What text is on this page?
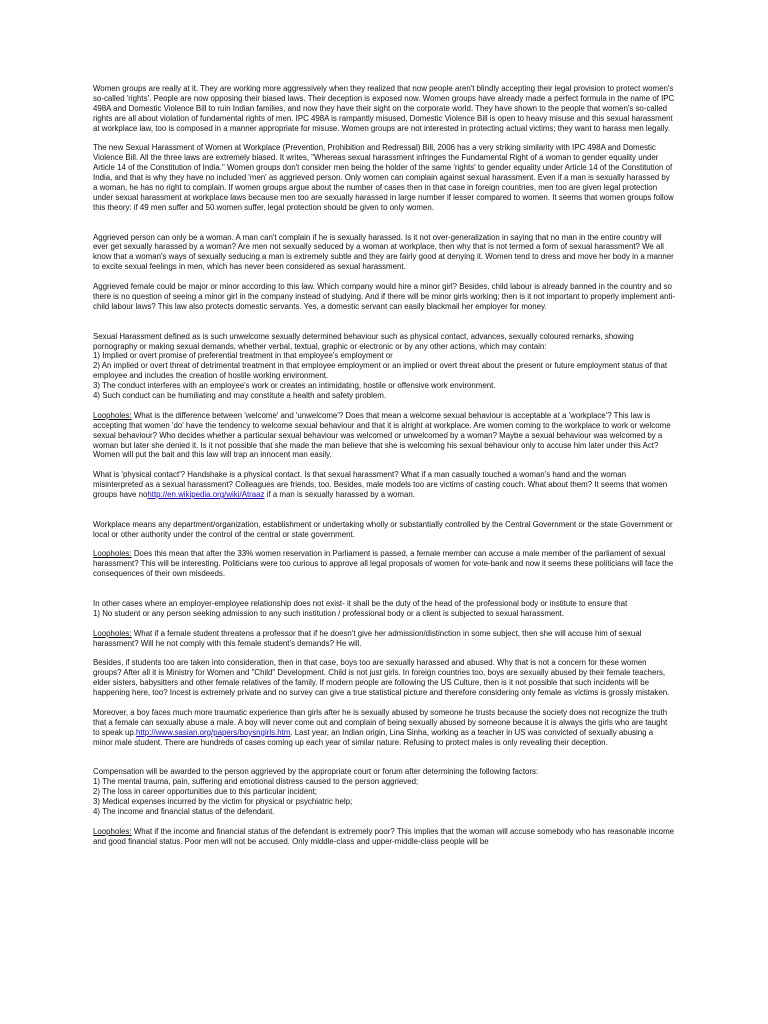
Women groups are really at it. They are working more aggressively when they realized that now people aren't blindly accepting their legal provision to protect women's so-called 'rights'. People are now opposing their biased laws. Their deception is exposed now. Women groups have already made a perfect formula in the name of IPC 498A and Domestic Violence Bill to ruin Indian families, and now they have their sight on the corporate world. They have shown to the people that women's so-called rights are all about violation of fundamental rights of men. IPC 498A is rampantly misused, Domestic Violence Bill is open to heavy misuse and this sexual harassment at workplace law, too is composed in a manner appropriate for misuse. Women groups are not interested in protecting actual victims; they want to harass men legally.

The new Sexual Harassment of Women at Workplace (Prevention, Prohibition and Redressal) Bill, 2006 has a very striking similarity with IPC 498A and Domestic Violence Bill. All the three laws are extremely biased. It writes, "Whereas sexual harassment infringes the Fundamental Right of a woman to gender equality under Article 14 of the Constitution of India." Women groups don't consider men being the holder of the same 'rights' to gender equality under Article 14 of the Constitution of India, and that is why they have no included 'men' as aggrieved person. Only women can complain against sexual harassment. Even if a man is sexually harassed by a woman, he has no right to complain. If women groups argue about the number of cases then in that case in foreign countries, men too are given legal protection under sexual harassment at workplace laws because men too are sexually harassed in large number if lesser compared to women. It seems that women groups follow this theory: if 49 men suffer and 50 women suffer, legal protection should be given to only women.

Aggrieved person can only be a woman. A man can't complain if he is sexually harassed. Is it not over-generalization in saying that no man in the entire country will ever get sexually harassed by a woman? Are men not sexually seduced by a woman at workplace, then why that is not termed a form of sexual harassment? We all know that a woman's ways of sexually seducing a man is extremely subtle and they are fairly good at denying it. Women tend to dress and move her body in a manner to excite sexual feelings in men, which has never been considered as sexual harassment.

Aggrieved female could be major or minor according to this law. Which company would hire a minor girl? Besides, child labour is already banned in the country and so there is no question of seeing a minor girl in the company instead of studying. And if there will be minor girls working; then is it not important to properly implement anti-child labour laws? This law also protects domestic servants. Yes, a domestic servant can easily blackmail her employer for money.

Sexual Harassment defined as is such unwelcome sexually determined behaviour such as physical contact, advances, sexually coloured remarks, showing pornography or making sexual demands, whether verbal, textual, graphic or electronic or by any other actions, which may contain:

1) Implied or overt promise of preferential treatment in that employee's employment or

2) An implied or overt threat of detrimental treatment in that employee employment or an implied or overt threat about the present or future employment status of that employee and includes the creation of hostile working environment.

3) The conduct interferes with an employee's work or creates an intimidating, hostile or offensive work environment.

4) Such conduct can be humiliating and may constitute a health and safety problem.

Loopholes: What is the difference between 'welcome' and 'unwelcome'? Does that mean a welcome sexual behaviour is acceptable at a 'workplace'? This law is accepting that women 'do' have the tendency to welcome sexual behaviour and that it is alright at workplace. Are women coming to the workplace to work or welcome sexual behaviour? Who decides whether a particular sexual behaviour was welcomed or unwelcomed by a woman? Maybe a sexual behaviour was welcomed by a woman but later she denied it. Is it not possible that she made the man believe that she is welcoming his sexual behaviour only to accuse him later under this Act? Women will put the bait and this law will trap an innocent man easily.

What is 'physical contact'? Handshake is a physical contact. Is that sexual harassment? What if a man casually touched a woman's hand and the woman misinterpreted as a sexual harassment? Colleagues are friends, too. Besides, male models too are victims of casting couch. What about them? It seems that women groups have nohttp://en.wikipedia.org/wiki/Atraaz if a man is sexually harassed by a woman.

Workplace means any department/organization, establishment or undertaking wholly or substantially controlled by the Central Government or the state Government or local or other authority under the control of the central or state government.

Loopholes: Does this mean that after the 33% women reservation in Parliament is passed, a female member can accuse a male member of the parliament of sexual harassment? This will be interesting. Politicians were too curious to approve all legal proposals of women for vote-bank and now it seems these politicians will face the consequences of their own misdeeds.

In other cases where an employer-employee relationship does not exist- it shall be the duty of the head of the professional body or institute to ensure that

1) No student or any person seeking admission to any such institution / professional body or a client is subjected to sexual harassment.

Loopholes: What if a female student threatens a professor that if he doesn't give her admission/distinction in some subject, then she will accuse him of sexual harassment? Will he not comply with this female student's demands? He will.

Besides, if students too are taken into consideration, then in that case, boys too are sexually harassed and abused. Why that is not a concern for these women groups? After all it is Ministry for Women and "Child" Development. Child is not just girls. In foreign countries too, boys are sexually abused by their female teachers, elder sisters, babysitters and other female relatives of the family. If modern people are following the US Culture, then is it not possible that such incidents will be happening here, too? Incest is extremely private and no survey can give a true statistical picture and therefore considering only female as victims is grossly mistaken.

Moreover, a boy faces much more traumatic experience than girls after he is sexually abused by someone he trusts because the society does not recognize the truth that a female can sexually abuse a male. A boy will never come out and complain of being sexually abused by someone because it is always the girls who are taught to speak up.http://www.sasian.org/papers/boysngirls.htm. Last year, an Indian origin, Lina Sinha, working as a teacher in US was convicted of sexually abusing a minor male student. There are hundreds of cases coming up each year of similar nature. Refusing to protect males is only revealing their deception.

Compensation will be awarded to the person aggrieved by the appropriate court or forum after determining the following factors:

1) The mental trauma, pain, suffering and emotional distress caused to the person aggrieved;

2) The loss in career opportunities due to this particular incident;

3) Medical expenses incurred by the victim for physical or psychiatric help;

4) The income and financial status of the defendant.

Loopholes: What if the income and financial status of the defendant is extremely poor? This implies that the woman will accuse somebody who has reasonable income and good financial status. Poor men will not be accused. Only middle-class and upper-middle-class people will be
